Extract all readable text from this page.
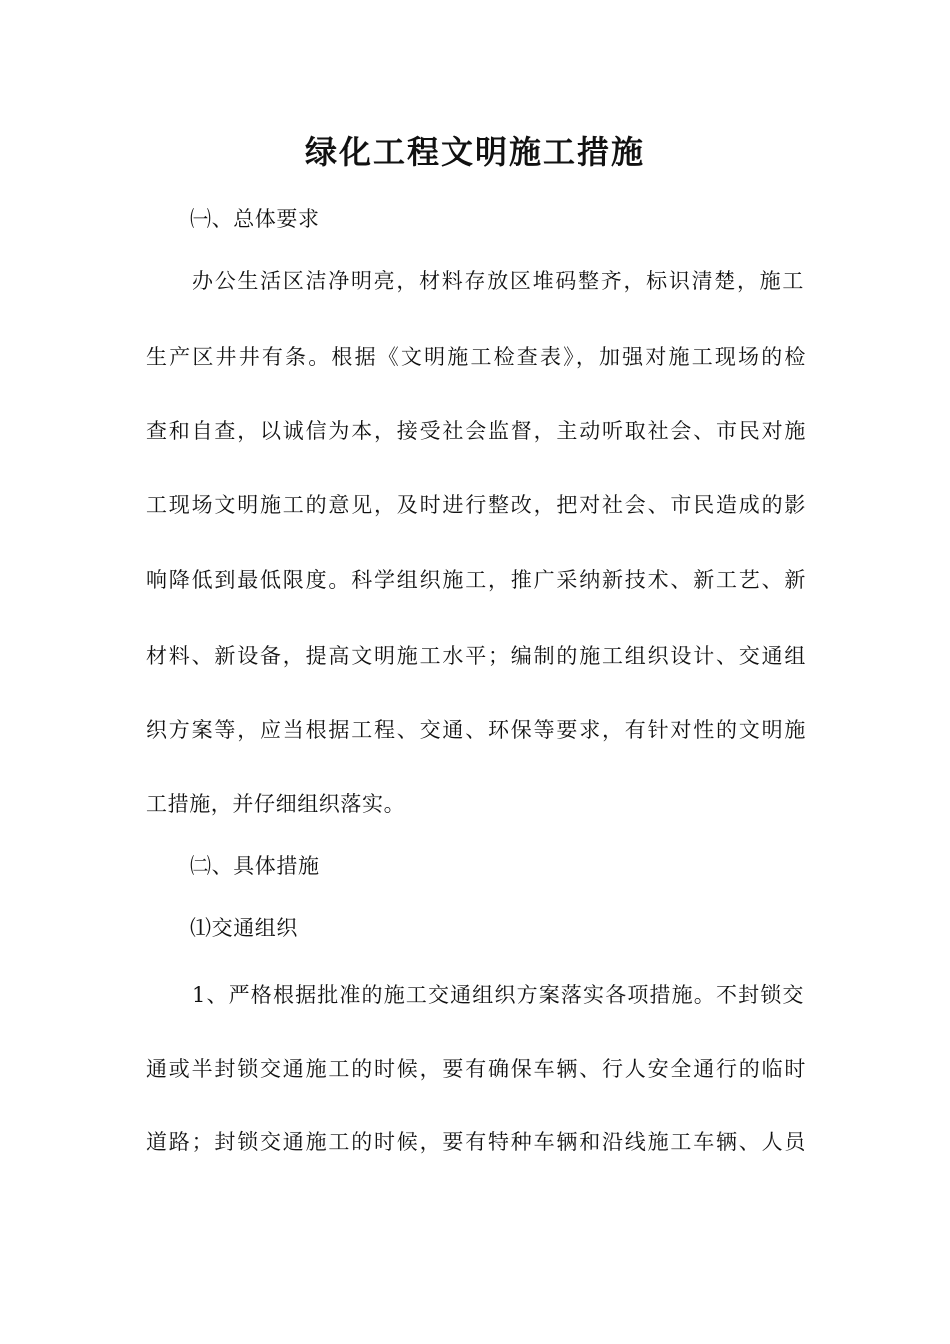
绿化工程文明施工措施

㈠、总体要求

办公生活区洁净明亮，材料存放区堆码整齐，标识清楚，施工

生产区井井有条。根据《文明施工检查表》，加强对施工现场的检

查和自查，以诚信为本，接受社会监督，主动听取社会、市民对施

工现场文明施工的意见，及时进行整改，把对社会、市民造成的影

响降低到最低限度。科学组织施工，推广采纳新技术、新工艺、新

材料、新设备，提高文明施工水平；编制的施工组织设计、交通组

织方案等，应当根据工程、交通、环保等要求，有针对性的文明施

工措施，并仔细组织落实。

㈡、具体措施

⑴交通组织

1、严格根据批准的施工交通组织方案落实各项措施。不封锁交

通或半封锁交通施工的时候，要有确保车辆、行人安全通行的临时

道路；封锁交通施工的时候，要有特种车辆和沿线施工车辆、人员
